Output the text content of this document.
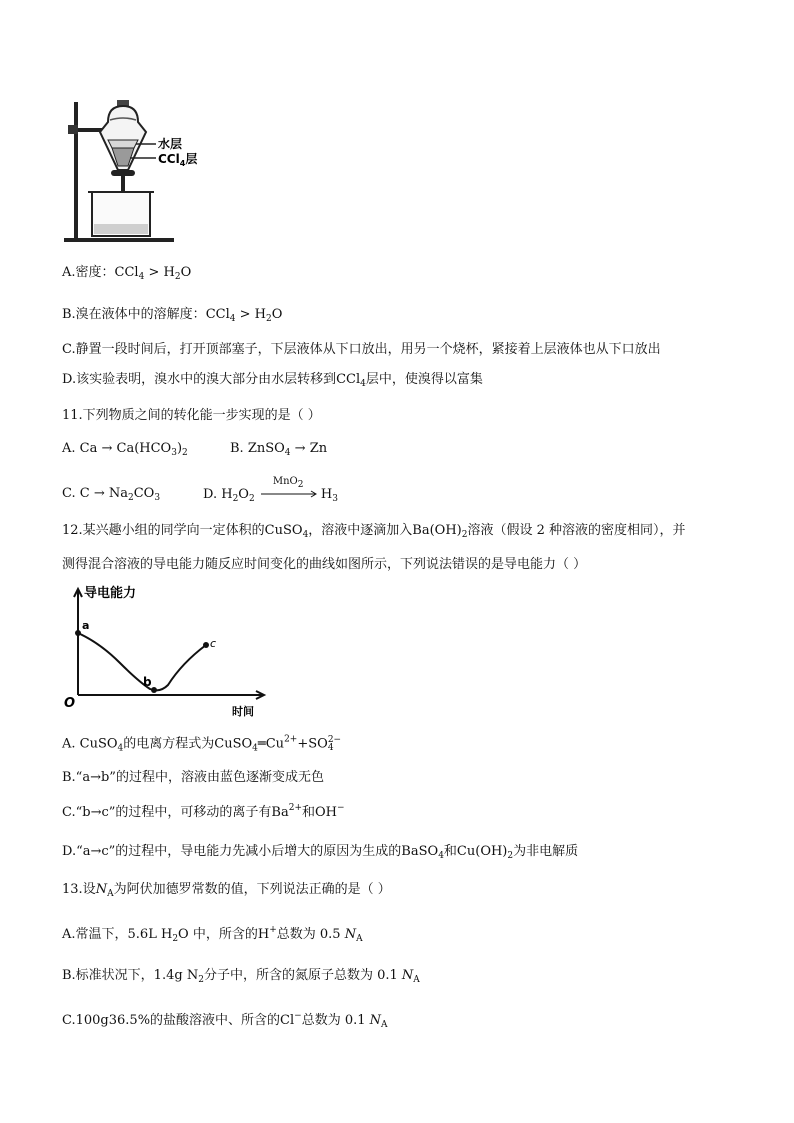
水层
CCl$_4$层
A.密度：$CCl_4 > H_2O$
B.溴在液体中的溶解度：$CCl_4 > H_2O$
C.静置一段时间后，打开顶部塞子，下层液体从下口放出，用另一个烧杯，紧接着上层液体也从下口放出
D.该实验表明，溴水中的溴大部分由水层转移到CCl$_4$层中，使溴得以富集
11.下列物质之间的转化能一步实现的是（ ）
A. $Ca \to Ca(HCO_3)_2$	B. ZnSO$_4$ → Zn
C. $C \to Na_2CO_3$	D. $H_2O_2$
MnO$_2$
$H_3$
12.某兴趣小组的同学向一定体积的CuSO$_4$，溶液中逐滴加入$Ba(OH)_2$溶液（假设 2 种溶液的密度相同），并
测得混合溶液的导电能力随反应时间变化的曲线如图所示，下列说法错误的是导电能力（ ）
导电能力
时间
O
a
b
c
A. CuSO$_4$的电离方程式为$CuSO_4═Cu^{2+}+SO$ 2−
4
B.“a→b”的过程中，溶液由蓝色逐渐变成无色
C.“b→c”的过程中，可移动的离子有$Ba^{2+}$和OH−
D.“a→c”的过程中，导电能力先减小后增大的原因为生成的BaSO$_4$和$Cu(OH)_2$为非电解质
13.设$N_A$为阿伏加德罗常数的值，下列说法正确的是（ ）
A.常温下，5.6L $H_2O$ 中，所含的H+总数为 0.5 $N_A$
B.标准状况下，1.4g $N_2$分子中，所含的氮原子总数为 0.1 $N_A$
C.100g36.5%的盐酸溶液中、所含的Cl−总数为 0.1 $N_A$
